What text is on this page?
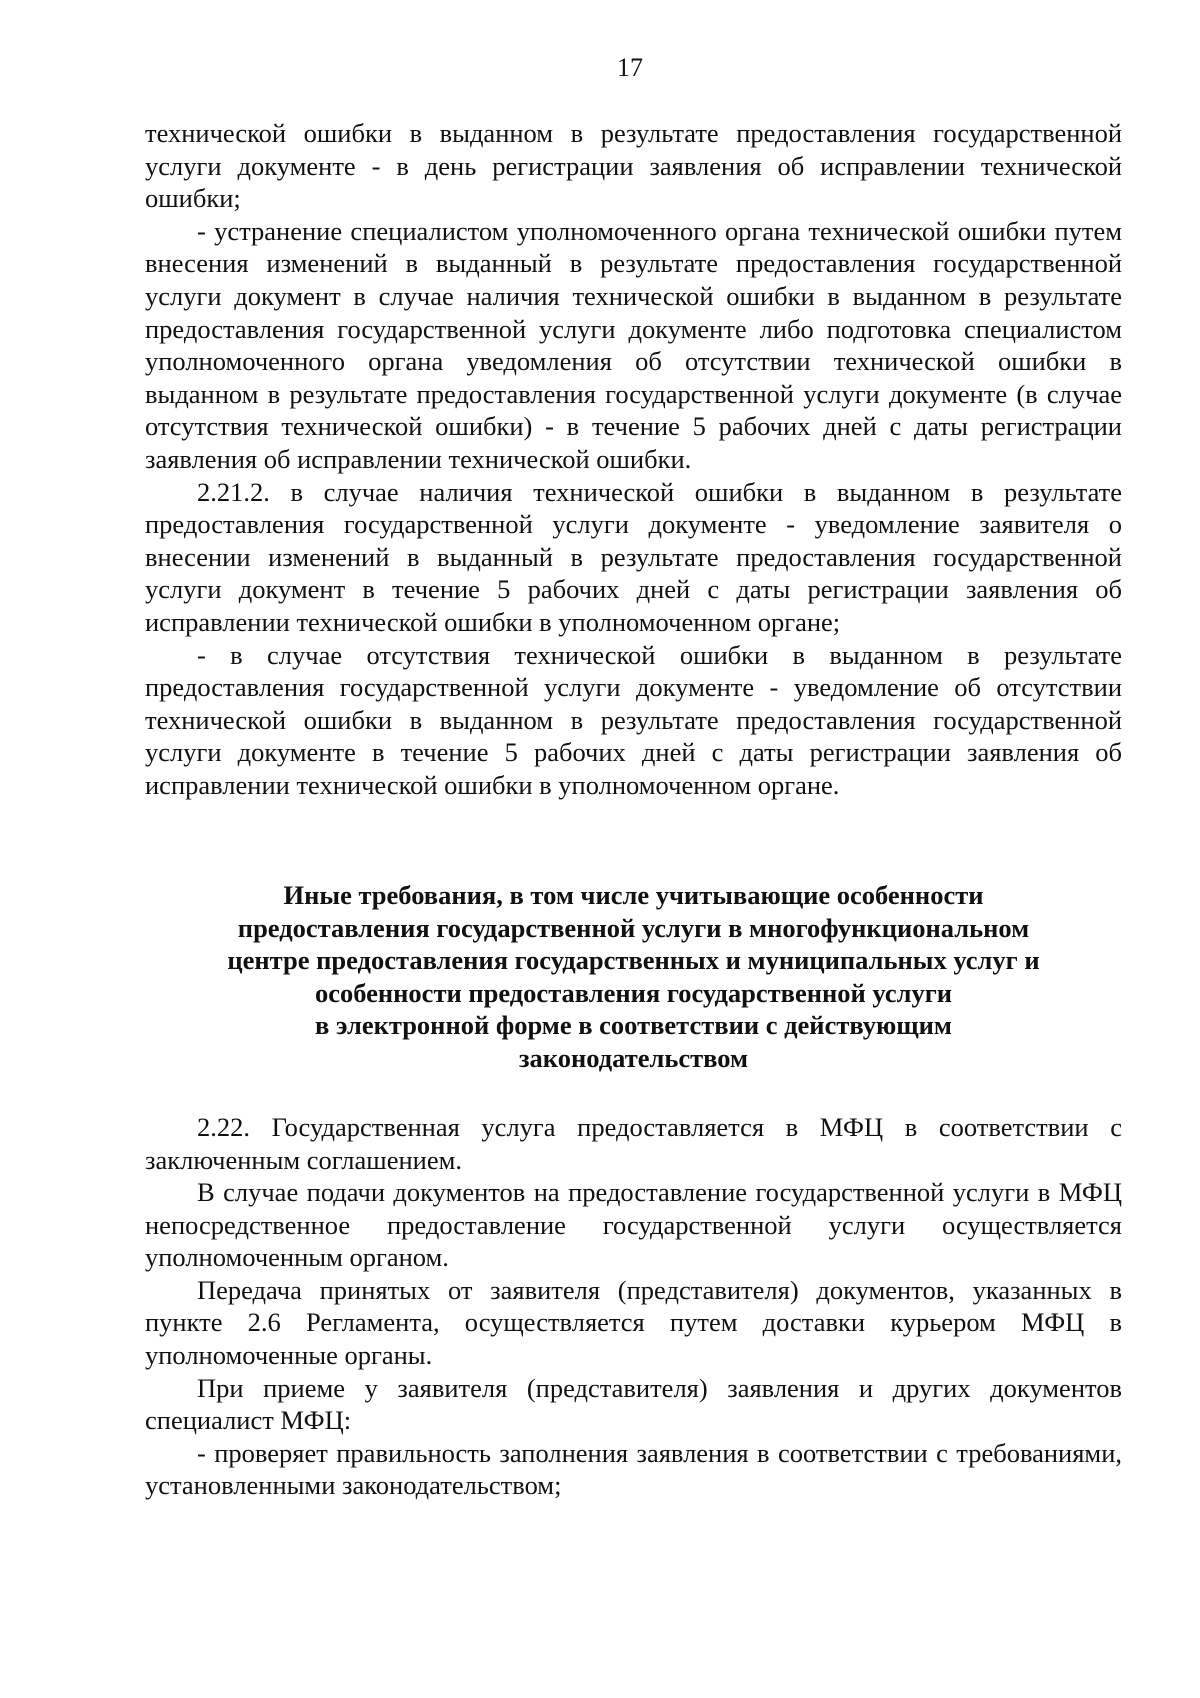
17

технической ошибки в выданном в результате предоставления государственной услуги документе - в день регистрации заявления об исправлении технической ошибки;

- устранение специалистом уполномоченного органа технической ошибки путем внесения изменений в выданный в результате предоставления государственной услуги документ в случае наличия технической ошибки в выданном в результате предоставления государственной услуги документе либо подготовка специалистом уполномоченного органа уведомления об отсутствии технической ошибки в выданном в результате предоставления государственной услуги документе (в случае отсутствия технической ошибки) - в течение 5 рабочих дней с даты регистрации заявления об исправлении технической ошибки.

2.21.2. в случае наличия технической ошибки в выданном в результате предоставления государственной услуги документе - уведомление заявителя о внесении изменений в выданный в результате предоставления государственной услуги документ в течение 5 рабочих дней с даты регистрации заявления об исправлении технической ошибки в уполномоченном органе;

- в случае отсутствия технической ошибки в выданном в результате предоставления государственной услуги документе - уведомление об отсутствии технической ошибки в выданном в результате предоставления государственной услуги документе в течение 5 рабочих дней с даты регистрации заявления об исправлении технической ошибки в уполномоченном органе.

Иные требования, в том числе учитывающие особенности
предоставления государственной услуги в многофункциональном
центре предоставления государственных и муниципальных услуг и
особенности предоставления государственной услуги
в электронной форме в соответствии с действующим
законодательством

2.22. Государственная услуга предоставляется в МФЦ в соответствии с заключенным соглашением.

В случае подачи документов на предоставление государственной услуги в МФЦ непосредственное предоставление государственной услуги осуществляется уполномоченным органом.

Передача принятых от заявителя (представителя) документов, указанных в пункте 2.6 Регламента, осуществляется путем доставки курьером МФЦ в уполномоченные органы.

При приеме у заявителя (представителя) заявления и других документов специалист МФЦ:

- проверяет правильность заполнения заявления в соответствии с требованиями, установленными законодательством;
